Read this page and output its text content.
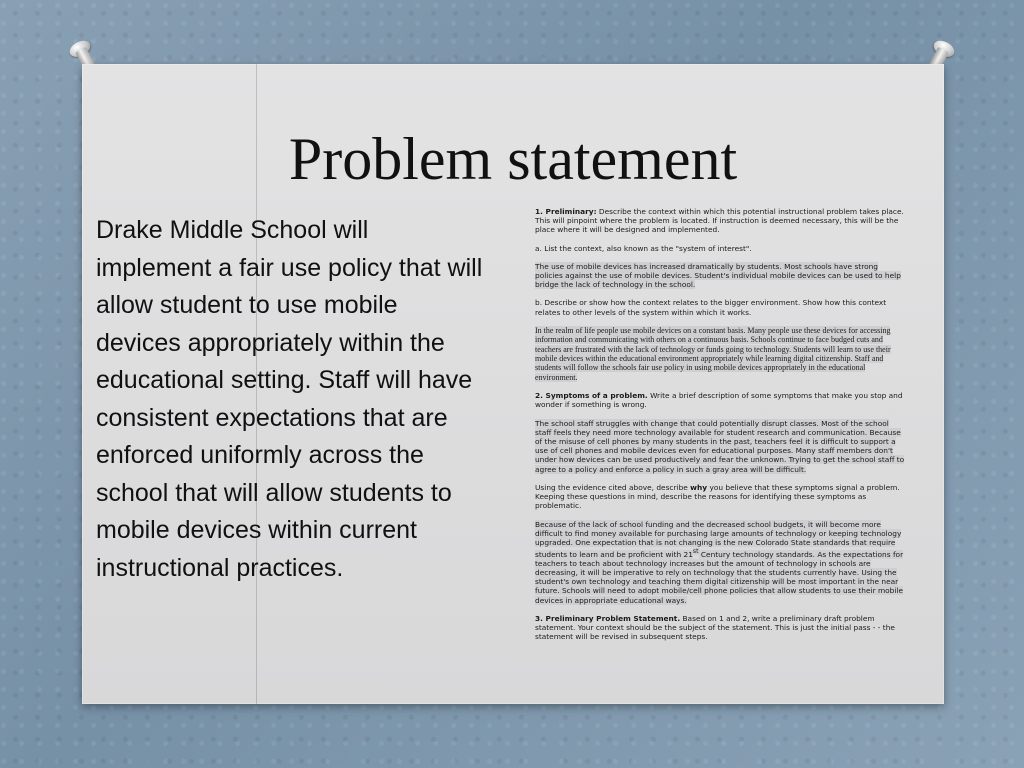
Problem statement
Drake Middle School will implement a fair use policy that will allow student to use mobile devices appropriately within the educational setting. Staff will have consistent expectations that are enforced uniformly across the school that will allow students to mobile devices within current instructional practices.

1. Preliminary: Describe the context within which this potential instructional problem takes place. This will pinpoint where the problem is located. If instruction is deemed necessary, this will be the place where it will be designed and implemented.

a. List the context, also known as the "system of interest".

The use of mobile devices has increased dramatically by students. Most schools have strong policies against the use of mobile devices. Student's individual mobile devices can be used to help bridge the lack of technology in the school.

b. Describe or show how the context relates to the bigger environment. Show how this context relates to other levels of the system within which it works.

In the realm of life people use mobile devices on a constant basis. Many people use these devices for accessing information and communicating with others on a continuous basis. Schools continue to face budged cuts and teachers are frustrated with the lack of technology or funds going to technology. Students will learn to use their mobile devices within the educational environment appropriately while learning digital citizenship. Staff and students will follow the schools fair use policy in using mobile devices appropriately in the educational environment.

2. Symptoms of a problem. Write a brief description of some symptoms that make you stop and wonder if something is wrong.

The school staff struggles with change that could potentially disrupt classes. Most of the school staff feels they need more technology available for student research and communication. Because of the misuse of cell phones by many students in the past, teachers feel it is difficult to support a use of cell phones and mobile devices even for educational purposes. Many staff members don't under how devices can be used productively and fear the unknown. Trying to get the school staff to agree to a policy and enforce a policy in such a gray area will be difficult.

Using the evidence cited above, describe why you believe that these symptoms signal a problem. Keeping these questions in mind, describe the reasons for identifying these symptoms as problematic.

Because of the lack of school funding and the decreased school budgets, it will become more difficult to find money available for purchasing large amounts of technology or keeping technology upgraded. One expectation that is not changing is the new Colorado State standards that require students to learn and be proficient with 21st Century technology standards. As the expectations for teachers to teach about technology increases but the amount of technology in schools are decreasing, it will be imperative to rely on technology that the students currently have. Using the student's own technology and teaching them digital citizenship will be most important in the near future. Schools will need to adopt mobile/cell phone policies that allow students to use their mobile devices in appropriate educational ways.

3. Preliminary Problem Statement. Based on 1 and 2, write a preliminary draft problem statement. Your context should be the subject of the statement. This is just the initial pass - - the statement will be revised in subsequent steps.
